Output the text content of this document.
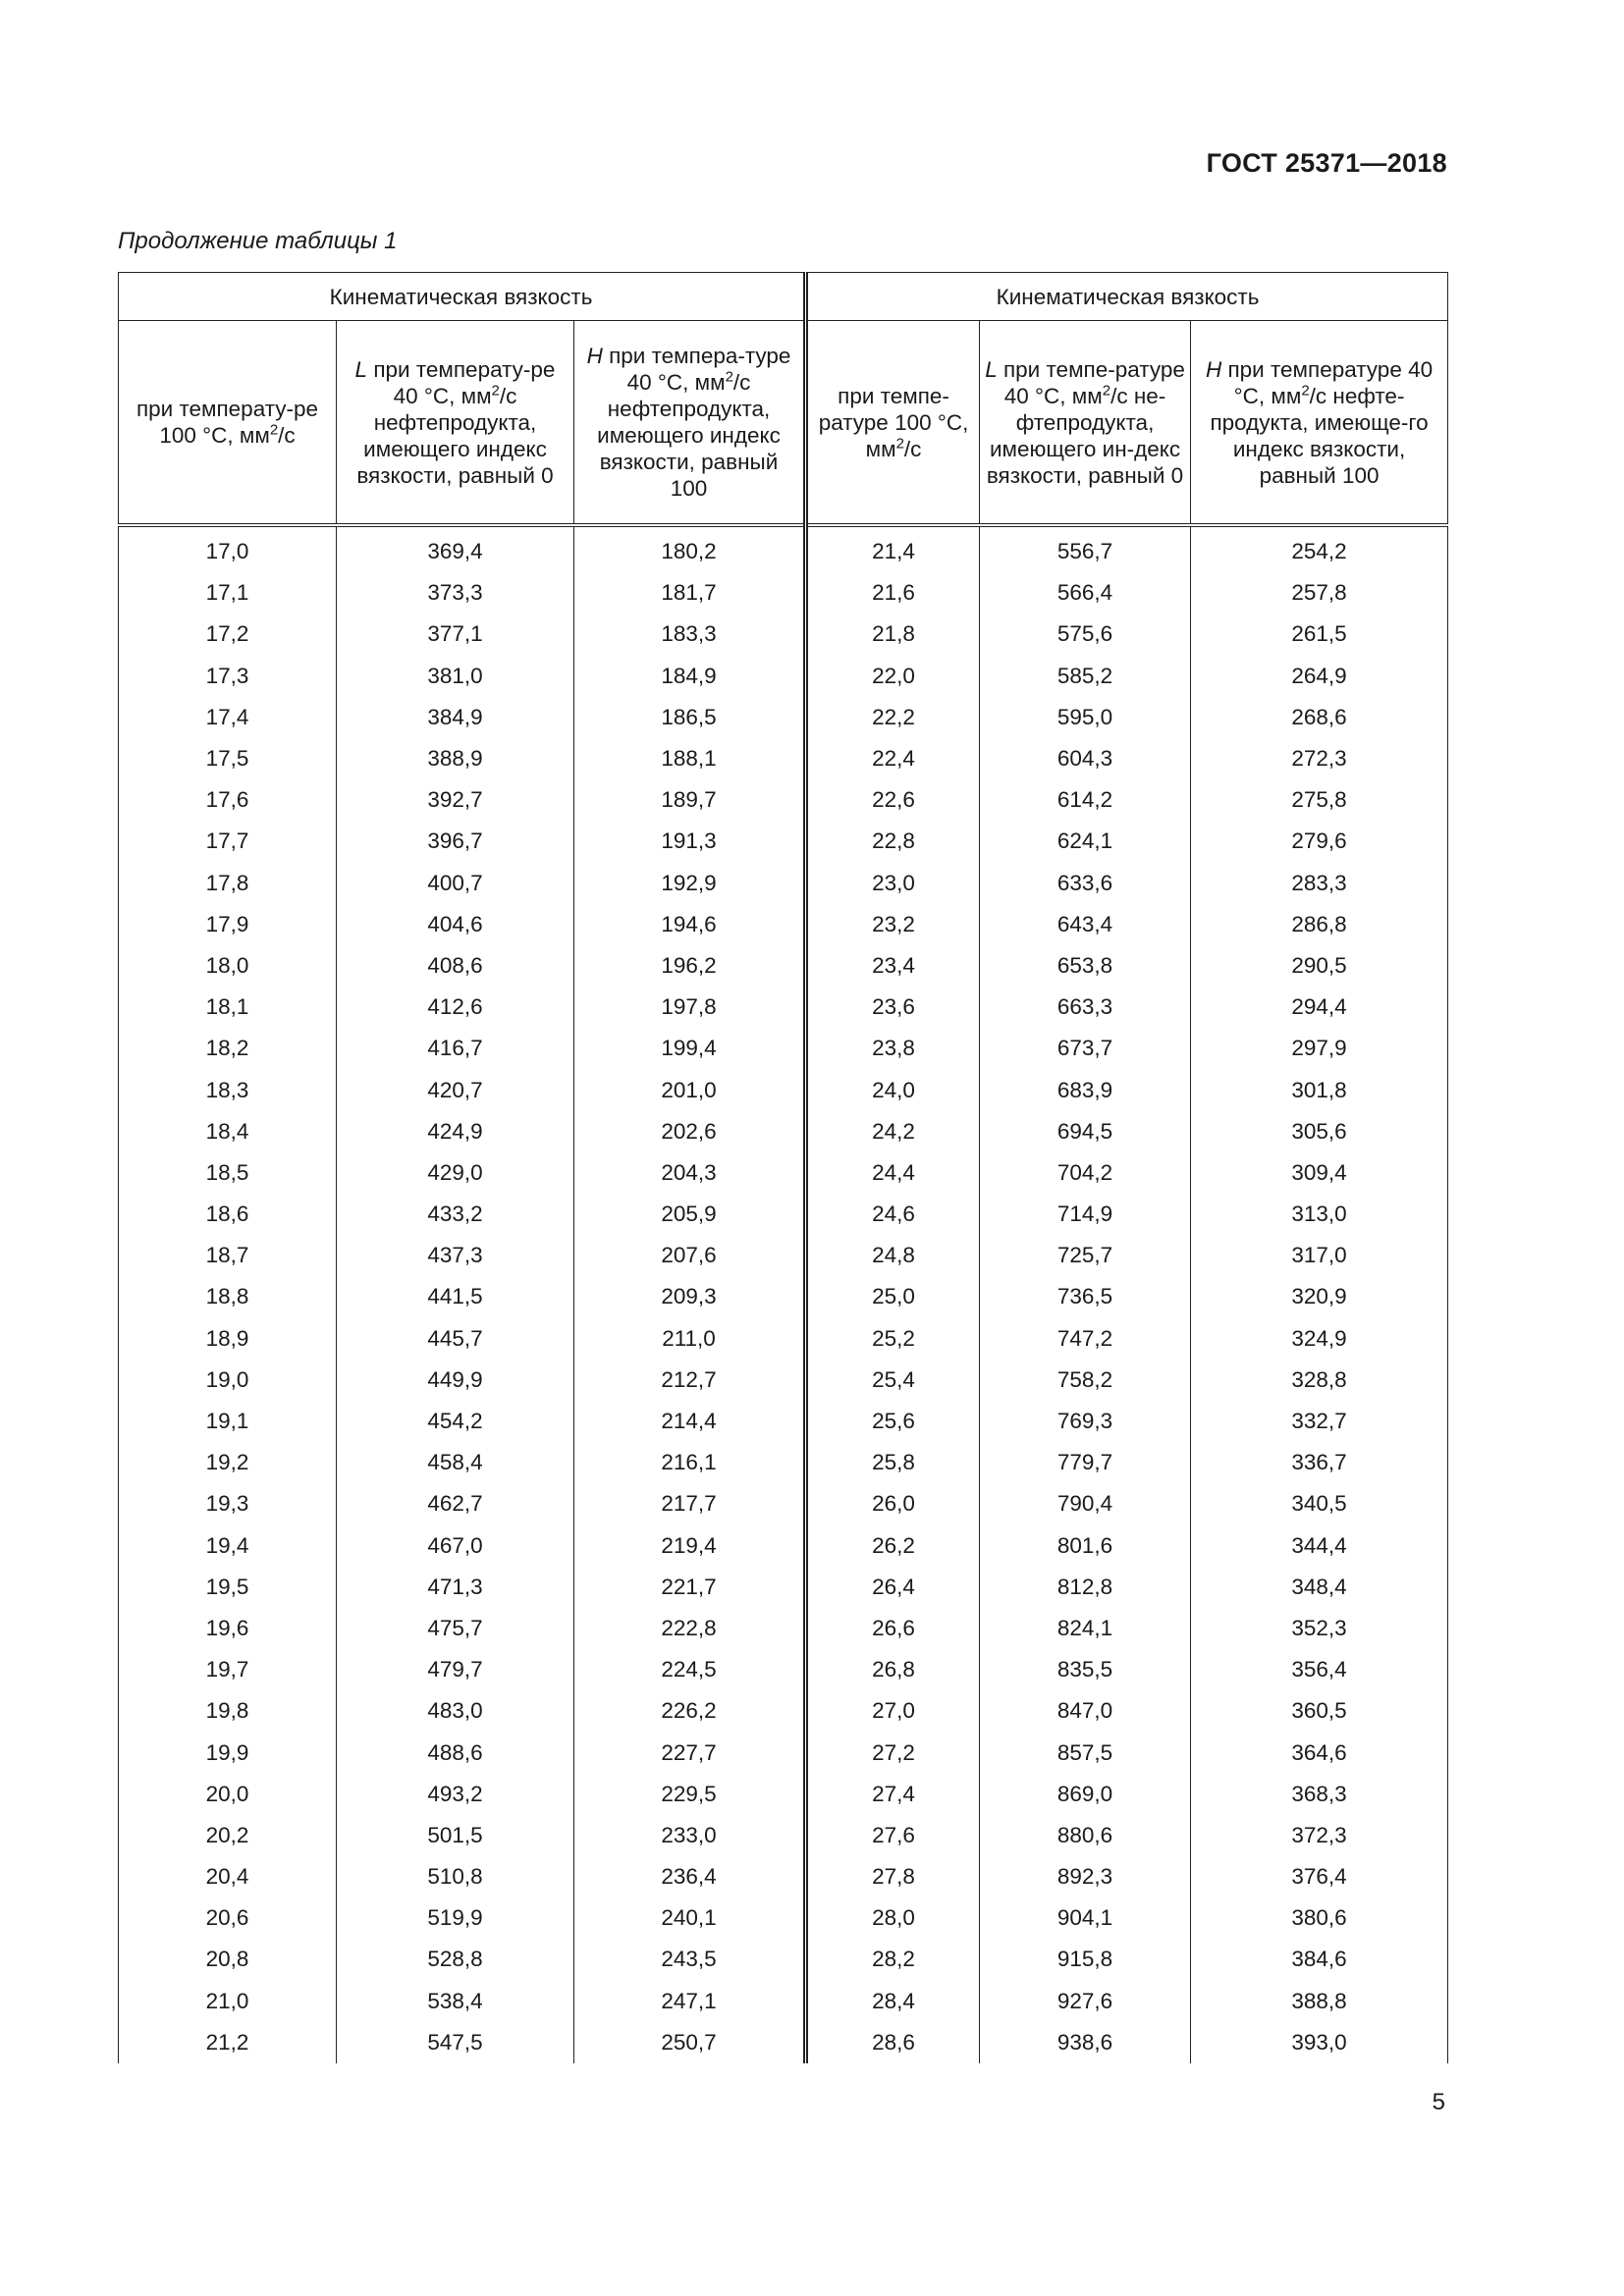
ГОСТ 25371—2018
Продолжение таблицы 1
Кинематическая вязкость			Кинематическая вязкость		
при температу-ре 100 °С, $мм^2/с$	L при температу-ре 40 °С, $мм^2/с$ нефтепродукта, имеющего индекс вязкости, равный 0	H при темпера-туре 40 °С, $мм^2/с$ нефтепродукта, имеющего индекс вязкости, равный 100	при темпе-ратуре 100 °С, $мм^2/с$	L при темпе-ратуре 40 °С, $мм^2/с$ не-фтепродукта, имеющего ин-декс вязкости, равный 0	H при температуре 40 °С, $мм^2/с$ нефте-продукта, имеюще-го индекс вязкости, равный 100
17,0	369,4	180,2	21,4	556,7	254,2
17,1	373,3	181,7	21,6	566,4	257,8
17,2	377,1	183,3	21,8	575,6	261,5
17,3	381,0	184,9	22,0	585,2	264,9
17,4	384,9	186,5	22,2	595,0	268,6
17,5	388,9	188,1	22,4	604,3	272,3
17,6	392,7	189,7	22,6	614,2	275,8
17,7	396,7	191,3	22,8	624,1	279,6
17,8	400,7	192,9	23,0	633,6	283,3
17,9	404,6	194,6	23,2	643,4	286,8
18,0	408,6	196,2	23,4	653,8	290,5
18,1	412,6	197,8	23,6	663,3	294,4
18,2	416,7	199,4	23,8	673,7	297,9
18,3	420,7	201,0	24,0	683,9	301,8
18,4	424,9	202,6	24,2	694,5	305,6
18,5	429,0	204,3	24,4	704,2	309,4
18,6	433,2	205,9	24,6	714,9	313,0
18,7	437,3	207,6	24,8	725,7	317,0
18,8	441,5	209,3	25,0	736,5	320,9
18,9	445,7	211,0	25,2	747,2	324,9
19,0	449,9	212,7	25,4	758,2	328,8
19,1	454,2	214,4	25,6	769,3	332,7
19,2	458,4	216,1	25,8	779,7	336,7
19,3	462,7	217,7	26,0	790,4	340,5
19,4	467,0	219,4	26,2	801,6	344,4
19,5	471,3	221,7	26,4	812,8	348,4
19,6	475,7	222,8	26,6	824,1	352,3
19,7	479,7	224,5	26,8	835,5	356,4
19,8	483,0	226,2	27,0	847,0	360,5
19,9	488,6	227,7	27,2	857,5	364,6
20,0	493,2	229,5	27,4	869,0	368,3
20,2	501,5	233,0	27,6	880,6	372,3
20,4	510,8	236,4	27,8	892,3	376,4
20,6	519,9	240,1	28,0	904,1	380,6
20,8	528,8	243,5	28,2	915,8	384,6
21,0	538,4	247,1	28,4	927,6	388,8
21,2	547,5	250,7	28,6	938,6	393,0
5
